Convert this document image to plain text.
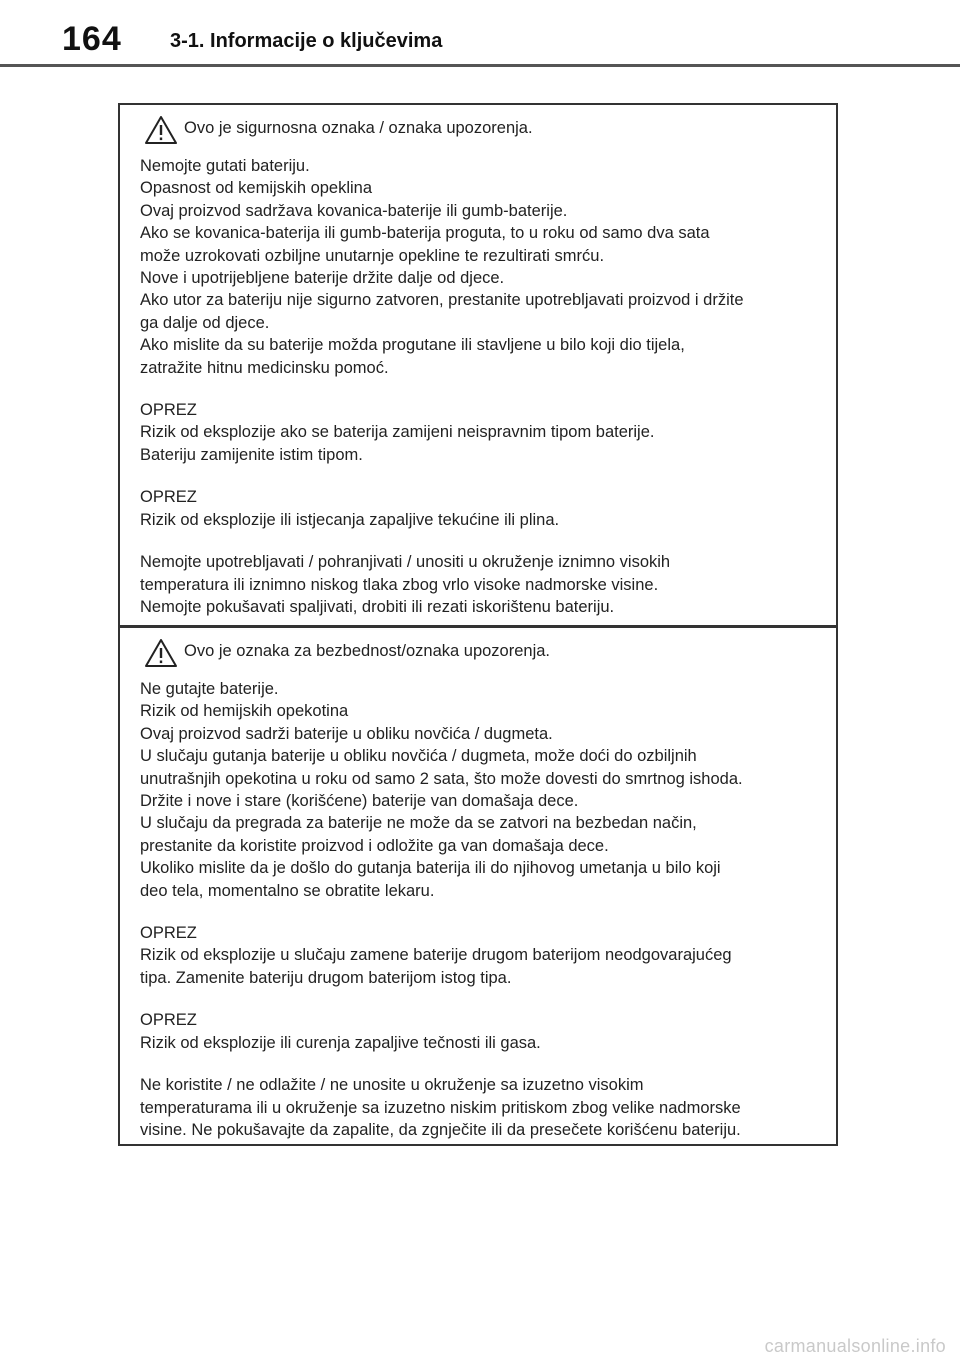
164 3-1. Informacije o ključevima
Ovo je sigurnosna oznaka / oznaka upozorenja.

Nemojte gutati bateriju.
Opasnost od kemijskih opeklina
Ovaj proizvod sadržava kovanica-baterije ili gumb-baterije.
Ako se kovanica-baterija ili gumb-baterija proguta, to u roku od samo dva sata
može uzrokovati ozbiljne unutarnje opekline te rezultirati smrću.
Nove i upotrijebljene baterije držite dalje od djece.
Ako utor za bateriju nije sigurno zatvoren, prestanite upotrebljavati proizvod i držite
ga dalje od djece.
Ako mislite da su baterije možda progutane ili stavljene u bilo koji dio tijela,
zatražite hitnu medicinsku pomoć.

OPREZ
Rizik od eksplozije ako se baterija zamijeni neispravnim tipom baterije.
Bateriju zamijenite istim tipom.

OPREZ
Rizik od eksplozije ili istjecanja zapaljive tekućine ili plina.

Nemojte upotrebljavati / pohranjivati / unositi u okruženje iznimno visokih
temperatura ili iznimno niskog tlaka zbog vrlo visoke nadmorske visine.
Nemojte pokušavati spaljivati, drobiti ili rezati iskorištenu bateriju.

Ovo je oznaka za bezbednost/oznaka upozorenja.

Ne gutajte baterije.
Rizik od hemijskih opekotina
Ovaj proizvod sadrži baterije u obliku novčića / dugmeta.
U slučaju gutanja baterije u obliku novčića / dugmeta, može doći do ozbiljnih
unutrašnjih opekotina u roku od samo 2 sata, što može dovesti do smrtnog ishoda.
Držite i nove i stare (korišćene) baterije van domašaja dece.
U slučaju da pregrada za baterije ne može da se zatvori na bezbedan način,
prestanite da koristite proizvod i odložite ga van domašaja dece.
Ukoliko mislite da je došlo do gutanja baterija ili do njihovog umetanja u bilo koji
deo tela, momentalno se obratite lekaru.

OPREZ
Rizik od eksplozije u slučaju zamene baterije drugom baterijom neodgovarajućeg
tipa. Zamenite bateriju drugom baterijom istog tipa.

OPREZ
Rizik od eksplozije ili curenja zapaljive tečnosti ili gasa.

Ne koristite / ne odlažite / ne unosite u okruženje sa izuzetno visokim
temperaturama ili u okruženje sa izuzetno niskim pritiskom zbog velike nadmorske
visine. Ne pokušavajte da zapalite, da zgnječite ili da presečete korišćenu bateriju.

carmanualsonline.info
